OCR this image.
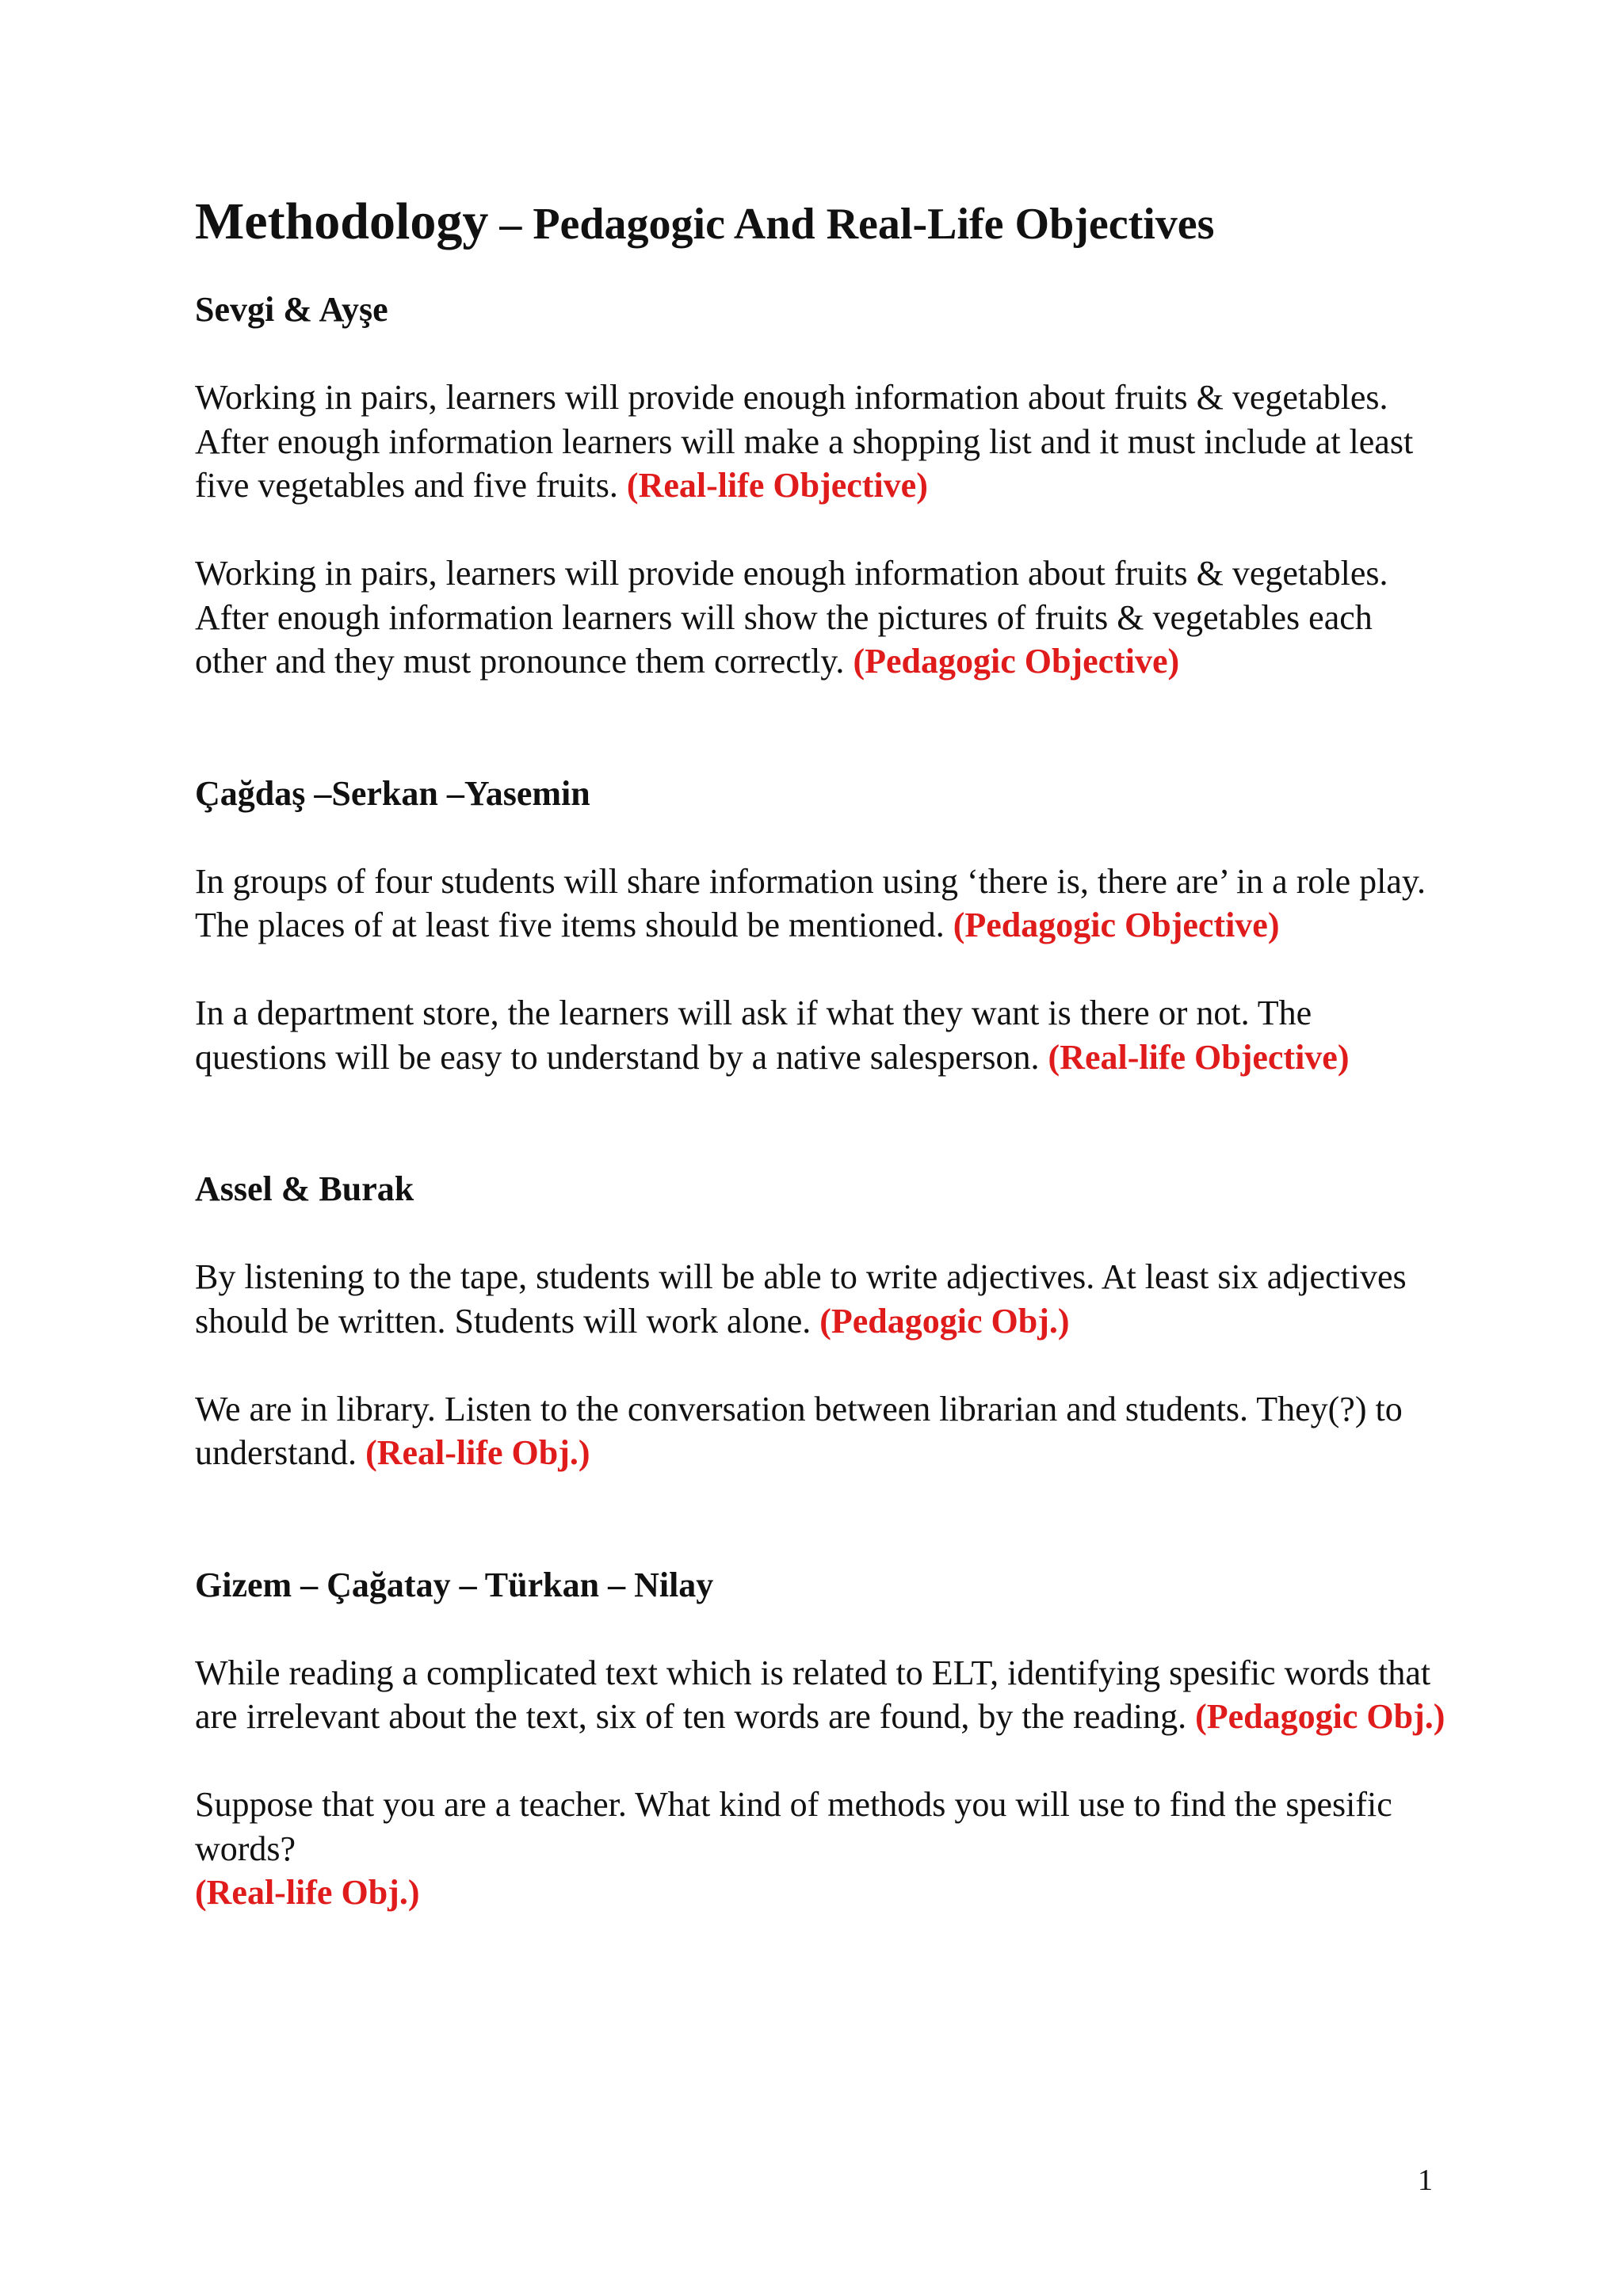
Methodology – Pedagogic And Real-Life Objectives

Sevgi & Ayşe

Working in pairs, learners will provide enough information about fruits & vegetables. After enough information learners will make a shopping list and it must include at least five vegetables and five fruits. (Real-life Objective)

Working in pairs, learners will provide enough information about fruits & vegetables. After enough information learners will show the pictures of fruits & vegetables each other and they must pronounce them correctly. (Pedagogic Objective)

Çağdaş –Serkan –Yasemin

In groups of four students will share information using ‘there is, there are’ in a role play. The places of at least five items should be mentioned. (Pedagogic Objective)

In a department store, the learners will ask if what they want is there or not. The questions will be easy to understand by a native salesperson. (Real-life Objective)

Assel & Burak

By listening to the tape, students will be able to write adjectives. At least six adjectives should be written. Students will work alone. (Pedagogic Obj.)

We are in library. Listen to the conversation between librarian and students. They(?) to understand. (Real-life Obj.)

Gizem – Çağatay – Türkan – Nilay

While reading a complicated text which is related to ELT, identifying spesific words that are irrelevant about the text, six of ten words are found, by the reading. (Pedagogic Obj.)

Suppose that you are a teacher. What kind of methods you will use to find the spesific words?
(Real-life Obj.)

1
